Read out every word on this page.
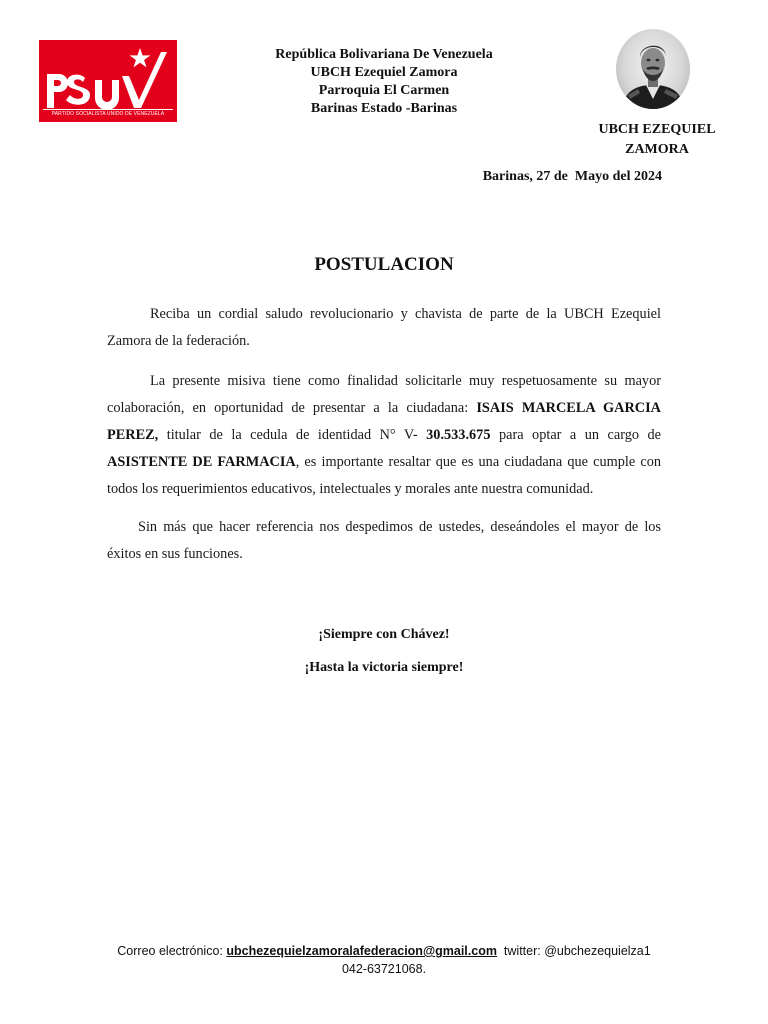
PARTIDO SOCIALISTA UNIDO DE VENEZUELA
República Bolivariana De Venezuela
UBCH Ezequiel Zamora
Parroquia El Carmen
Barinas Estado -Barinas
UBCH EZEQUIEL
ZAMORA
Barinas, 27 de  Mayo del 2024
POSTULACION

Reciba un cordial saludo revolucionario y chavista de parte de la UBCH Ezequiel Zamora de la federación.

La presente misiva tiene como finalidad solicitarle muy respetuosamente su mayor colaboración, en oportunidad de presentar a la ciudadana: ISAIS MARCELA GARCIA PEREZ, titular de la cedula de identidad N° V- 30.533.675 para optar a un cargo de ASISTENTE DE FARMACIA, es importante resaltar que es una ciudadana que cumple con todos los requerimientos educativos, intelectuales y morales ante nuestra comunidad.

Sin más que hacer referencia nos despedimos de ustedes, deseándoles el mayor de los éxitos en sus funciones.

¡Siempre con Chávez!
¡Hasta la victoria siempre!
Correo electrónico: ubchezequielzamoralafederacion@gmail.com  twitter: @ubchezequielza1
042-63721068.
